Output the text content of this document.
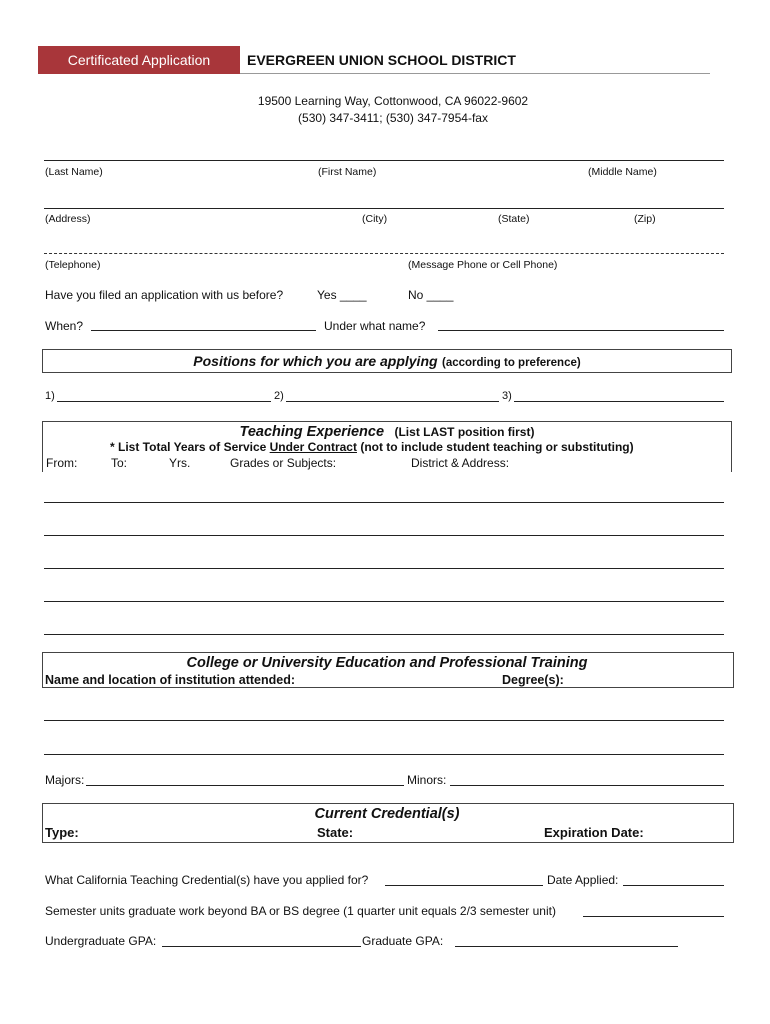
Certificated Application	EVERGREEN UNION SCHOOL DISTRICT
19500 Learning Way, Cottonwood, CA 96022-9602
(530) 347-3411; (530) 347-7954-fax
(Last Name)	(First Name)	(Middle Name)
(Address)	(City)	(State)	(Zip)
(Telephone)	(Message Phone or Cell Phone)
Have you filed an application with us before?	Yes ____	No ____
When?	Under what name?
Positions for which you are applying (according to preference)
1)	2)	3)
Teaching Experience (List LAST position first)
* List Total Years of Service Under Contract (not to include student teaching or substituting)
From:	To:	Yrs.	Grades or Subjects:	District & Address:
College or University Education and Professional Training
Name and location of institution attended:	Degree(s):
Majors:	Minors:
Current Credential(s)
Type:	State:	Expiration Date:
What California Teaching Credential(s) have you applied for?	Date Applied:
Semester units graduate work beyond BA or BS degree (1 quarter unit equals 2/3 semester unit)
Undergraduate GPA:	Graduate GPA:
